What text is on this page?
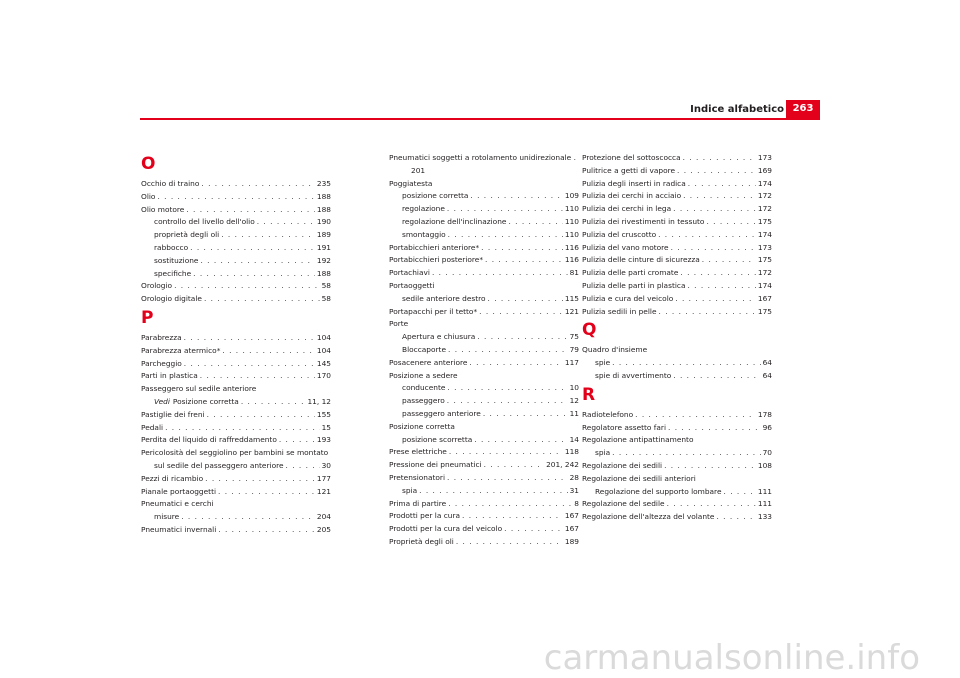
Indice alfabetico 263
O
Occhio di traino . . .	235
Olio . . .	188
Olio motore . . .	188
controllo del livello dell'olio . . .	190
proprietà degli oli . . .	189
rabbocco . . .	191
sostituzione . . .	192
specifiche . . .	188
Orologio . . .	58
Orologio digitale . . .	58
P
Parabrezza . . .	104
Parabrezza atermico* . . .	104
Parcheggio . . .	145
Parti in plastica . . .	170
Passeggero sul sedile anteriore
Vedi Posizione corretta . . .	11, 12
Pastiglie dei freni . . .	155
Pedali . . .	15
Perdita del liquido di raffreddamento . . .	193
Pericolosità del seggiolino per bambini se montato
sul sedile del passeggero anteriore . . .	30
Pezzi di ricambio . . .	177
Pianale portaoggetti . . .	121
Pneumatici e cerchi
misure . . .	204
Pneumatici invernali . . .	205
Pneumatici soggetti a rotolamento unidirezionale .
201
Poggiatesta
posizione corretta . . .	109
regolazione . . .	110
regolazione dell'inclinazione . . .	110
smontaggio . . .	110
Portabicchieri anteriore* . . .	116
Portabicchieri posteriore* . . .	116
Portachiavi . . .	81
Portaoggetti
sedile anteriore destro . . .	115
Portapacchi per il tetto* . . .	121
Porte
Apertura e chiusura . . .	75
Bloccaporte . . .	79
Posacenere anteriore . . .	117
Posizione a sedere
conducente . . .	10
passeggero . . .	12
passeggero anteriore . . .	11
Posizione corretta
posizione scorretta . . .	14
Prese elettriche . . .	118
Pressione dei pneumatici . . .	201, 242
Pretensionatori . . .	28
spia . . .	31
Prima di partire . . .	8
Prodotti per la cura . . .	167
Prodotti per la cura del veicolo . . .	167
Proprietà degli oli . . .	189
Protezione del sottoscocca . . .	173
Pulitrice a getti di vapore . . .	169
Pulizia degli inserti in radica . . .	174
Pulizia dei cerchi in acciaio . . .	172
Pulizia dei cerchi in lega . . .	172
Pulizia dei rivestimenti in tessuto . . .	175
Pulizia del cruscotto . . .	174
Pulizia del vano motore . . .	173
Pulizia delle cinture di sicurezza . . .	175
Pulizia delle parti cromate . . .	172
Pulizia delle parti in plastica . . .	174
Pulizia e cura del veicolo . . .	167
Pulizia sedili in pelle . . .	175
Q
Quadro d'insieme
spie . . .	64
spie di avvertimento . . .	64
R
Radiotelefono . . .	178
Regolatore assetto fari . . .	96
Regolazione antipattinamento
spia . . .	70
Regolazione dei sedili . . .	108
Regolazione dei sedili anteriori
Regolazione del supporto lombare . . .	111
Regolazione del sedile . . .	111
Regolazione dell'altezza del volante . . .	133
carmanualsonline.info
